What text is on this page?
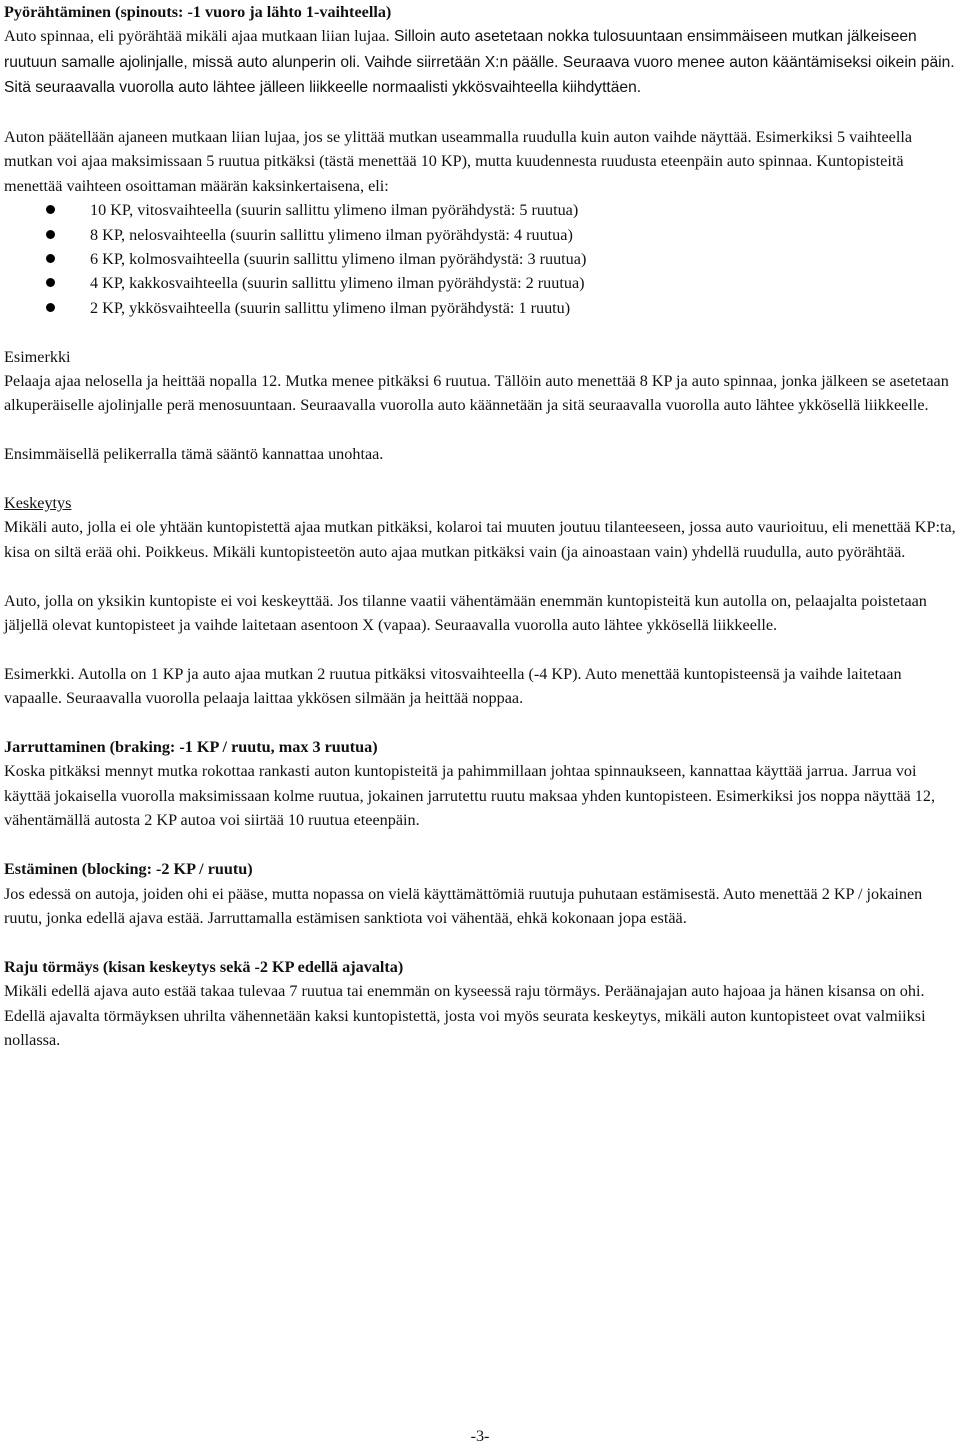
Pyörähtäminen (spinouts: -1 vuoro ja lähto 1-vaihteella)

Auto spinnaa, eli pyörähtää mikäli ajaa mutkaan liian lujaa. Silloin auto asetetaan nokka tulosuuntaan ensimmäiseen mutkan jälkeiseen ruutuun samalle ajolinjalle, missä auto alunperin oli. Vaihde siirretään X:n päälle. Seuraava vuoro menee auton kääntämiseksi oikein päin. Sitä seuraavalla vuorolla auto lähtee jälleen liikkeelle normaalisti ykkösvaihteella kiihdyttäen.

Auton päätellään ajaneen mutkaan liian lujaa, jos se ylittää mutkan useammalla ruudulla kuin auton vaihde näyttää. Esimerkiksi 5 vaihteella mutkan voi ajaa maksimissaan 5 ruutua pitkäksi (tästä menettää 10 KP), mutta kuudennesta ruudusta eteenpäin auto spinnaa. Kuntopisteitä menettää vaihteen osoittaman määrän kaksinkertaisena, eli:

10 KP, vitosvaihteella (suurin sallittu ylimeno ilman pyörähdystä: 5 ruutua)
8 KP, nelosvaihteella (suurin sallittu ylimeno ilman pyörähdystä: 4 ruutua)
6 KP, kolmosvaihteella (suurin sallittu ylimeno ilman pyörähdystä: 3 ruutua)
4 KP, kakkosvaihteella (suurin sallittu ylimeno ilman pyörähdystä: 2 ruutua)
2 KP, ykkösvaihteella (suurin sallittu ylimeno ilman pyörähdystä: 1 ruutu)

Esimerkki

Pelaaja ajaa nelosella ja heittää nopalla 12. Mutka menee pitkäksi 6 ruutua. Tällöin auto menettää 8 KP ja auto spinnaa, jonka jälkeen se asetetaan alkuperäiselle ajolinjalle perä menosuuntaan. Seuraavalla vuorolla auto käännetään ja sitä seuraavalla vuorolla auto lähtee ykkösellä liikkeelle.

Ensimmäisellä pelikerralla tämä sääntö kannattaa unohtaa.

Keskeytys

Mikäli auto, jolla ei ole yhtään kuntopistettä ajaa mutkan pitkäksi, kolaroi tai muuten joutuu tilanteeseen, jossa auto vaurioituu, eli menettää KP:ta, kisa on siltä erää ohi. Poikkeus. Mikäli kuntopisteetön auto ajaa mutkan pitkäksi vain (ja ainoastaan vain) yhdellä ruudulla, auto pyörähtää.

Auto, jolla on yksikin kuntopiste ei voi keskeyttää. Jos tilanne vaatii vähentämään enemmän kuntopisteitä kun autolla on, pelaajalta poistetaan jäljellä olevat kuntopisteet ja vaihde laitetaan asentoon X (vapaa). Seuraavalla vuorolla auto lähtee ykkösellä liikkeelle.

Esimerkki. Autolla on 1 KP ja auto ajaa mutkan 2 ruutua pitkäksi vitosvaihteella (-4 KP). Auto menettää kuntopisteensä ja vaihde laitetaan vapaalle. Seuraavalla vuorolla pelaaja laittaa ykkösen silmään ja heittää noppaa.

Jarruttaminen (braking: -1 KP / ruutu, max 3 ruutua)

Koska pitkäksi mennyt mutka rokottaa rankasti auton kuntopisteitä ja pahimmillaan johtaa spinnaukseen, kannattaa käyttää jarrua. Jarrua voi käyttää jokaisella vuorolla maksimissaan kolme ruutua, jokainen jarrutettu ruutu maksaa yhden kuntopisteen. Esimerkiksi jos noppa näyttää 12, vähentämällä autosta 2 KP autoa voi siirtää 10 ruutua eteenpäin.

Estäminen (blocking: -2 KP / ruutu)

Jos edessä on autoja, joiden ohi ei pääse, mutta nopassa on vielä käyttämättömiä ruutuja puhutaan estämisestä. Auto menettää 2 KP / jokainen ruutu, jonka edellä ajava estää. Jarruttamalla estämisen sanktiota voi vähentää, ehkä kokonaan jopa estää.

Raju törmäys (kisan keskeytys sekä -2 KP edellä ajavalta)

Mikäli edellä ajava auto estää takaa tulevaa 7 ruutua tai enemmän on kyseessä raju törmäys. Peräänajajan auto hajoaa ja hänen kisansa on ohi. Edellä ajavalta törmäyksen uhrilta vähennetään kaksi kuntopistettä, josta voi myös seurata keskeytys, mikäli auton kuntopisteet ovat valmiiksi nollassa.

-3-
